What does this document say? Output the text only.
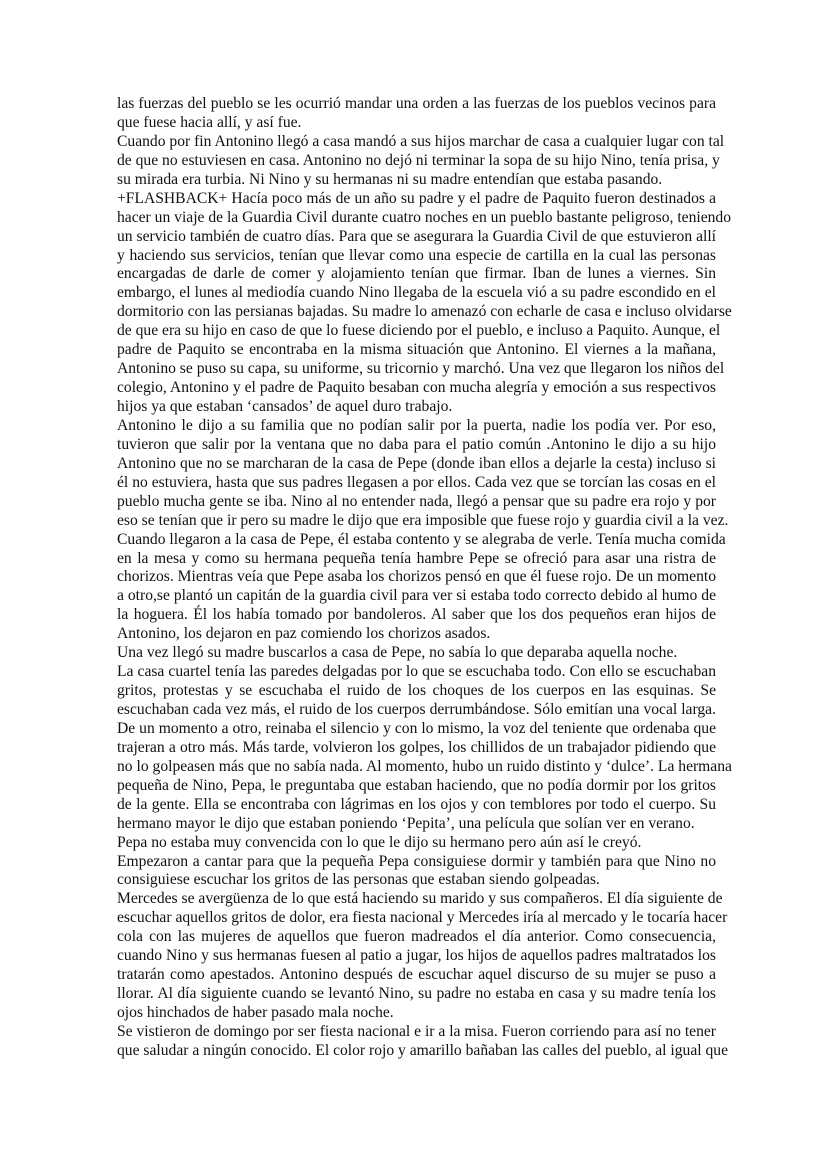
las fuerzas del pueblo se les ocurrió mandar una orden a las fuerzas de los pueblos vecinos para
que fuese hacia allí, y así fue.
Cuando por fin Antonino llegó a casa mandó a sus hijos marchar de casa a cualquier lugar con tal
de que no estuviesen en casa. Antonino no dejó ni terminar la sopa de su hijo Nino, tenía prisa, y
su mirada era turbia. Ni Nino y su hermanas ni su madre entendían que estaba pasando.
+FLASHBACK+ Hacía poco más de un año su padre y el padre de Paquito fueron destinados a
hacer un viaje de la Guardia Civil durante cuatro noches en un pueblo bastante peligroso, teniendo
un servicio también de cuatro días. Para que se asegurara la Guardia Civil de que estuvieron allí
y haciendo sus servicios, tenían que llevar como una especie de cartilla en la cual las personas
encargadas de darle de comer y alojamiento tenían que firmar. Iban de lunes a viernes. Sin
embargo, el lunes al mediodía cuando Nino llegaba de la escuela vió a su padre escondido en el
dormitorio con las persianas bajadas. Su madre lo amenazó con echarle de casa e incluso olvidarse
de que era su hijo en caso de que lo fuese diciendo por el pueblo, e incluso a Paquito. Aunque, el
padre de Paquito se encontraba en la misma situación que Antonino. El viernes a la mañana,
Antonino se puso su capa, su uniforme, su tricornio y marchó. Una vez que llegaron los niños del
colegio, Antonino y el padre de Paquito besaban con mucha alegría y emoción a sus respectivos
hijos ya que estaban ‘cansados’ de aquel duro trabajo.
Antonino le dijo a su familia que no podían salir por la puerta, nadie los podía ver. Por eso,
tuvieron que salir por la ventana que no daba para el patio común .Antonino le dijo a su hijo
Antonino que no se marcharan de la casa de Pepe (donde iban ellos a dejarle la cesta) incluso si
él no estuviera, hasta que sus padres llegasen a por ellos. Cada vez que se torcían las cosas en el
pueblo mucha gente se iba. Nino al no entender nada, llegó a pensar que su padre era rojo y por
eso se tenían que ir pero su madre le dijo que era imposible que fuese rojo y guardia civil a la vez.
Cuando llegaron a la casa de Pepe, él estaba contento y se alegraba de verle. Tenía mucha comida
en la mesa y como su hermana pequeña tenía hambre Pepe se ofreció para asar una ristra de
chorizos. Mientras veía que Pepe asaba los chorizos pensó en que él fuese rojo. De un momento
a otro,se plantó un capitán de la guardia civil para ver si estaba todo correcto debido al humo de
la hoguera. Él los había tomado por bandoleros. Al saber que los dos pequeños eran hijos de
Antonino, los dejaron en paz comiendo los chorizos asados.
Una vez llegó su madre buscarlos a casa de Pepe, no sabía lo que deparaba aquella noche.
La casa cuartel tenía las paredes delgadas por lo que se escuchaba todo. Con ello se escuchaban
gritos, protestas y se escuchaba el ruido de los choques de los cuerpos en las esquinas. Se
escuchaban cada vez más, el ruido de los cuerpos derrumbándose. Sólo emitían una vocal larga.
De un momento a otro, reinaba el silencio y con lo mismo, la voz del teniente que ordenaba que
trajeran a otro más. Más tarde, volvieron los golpes, los chillidos de un trabajador pidiendo que
no lo golpeasen más que no sabía nada. Al momento, hubo un ruido distinto y ‘dulce’. La hermana
pequeña de Nino, Pepa, le preguntaba que estaban haciendo, que no podía dormir por los gritos
de la gente. Ella se encontraba con lágrimas en los ojos y con temblores por todo el cuerpo. Su
hermano mayor le dijo que estaban poniendo ‘Pepita’, una película que solían ver en verano.
Pepa no estaba muy convencida con lo que le dijo su hermano pero aún así le creyó.
Empezaron a cantar para que la pequeña Pepa consiguiese dormir y también para que Nino no
consiguiese escuchar los gritos de las personas que estaban siendo golpeadas.
Mercedes se avergüenza de lo que está haciendo su marido y sus compañeros. El día siguiente de
escuchar aquellos gritos de dolor, era fiesta nacional y Mercedes iría al mercado y le tocaría hacer
cola con las mujeres de aquellos que fueron madreados el día anterior. Como consecuencia,
cuando Nino y sus hermanas fuesen al patio a jugar, los hijos de aquellos padres maltratados los
tratarán como apestados. Antonino después de escuchar aquel discurso de su mujer se puso a
llorar. Al día siguiente cuando se levantó Nino, su padre no estaba en casa y su madre tenía los
ojos hinchados de haber pasado mala noche.
Se vistieron de domingo por ser fiesta nacional e ir a la misa. Fueron corriendo para así no tener
que saludar a ningún conocido. El color rojo y amarillo bañaban las calles del pueblo, al igual que
